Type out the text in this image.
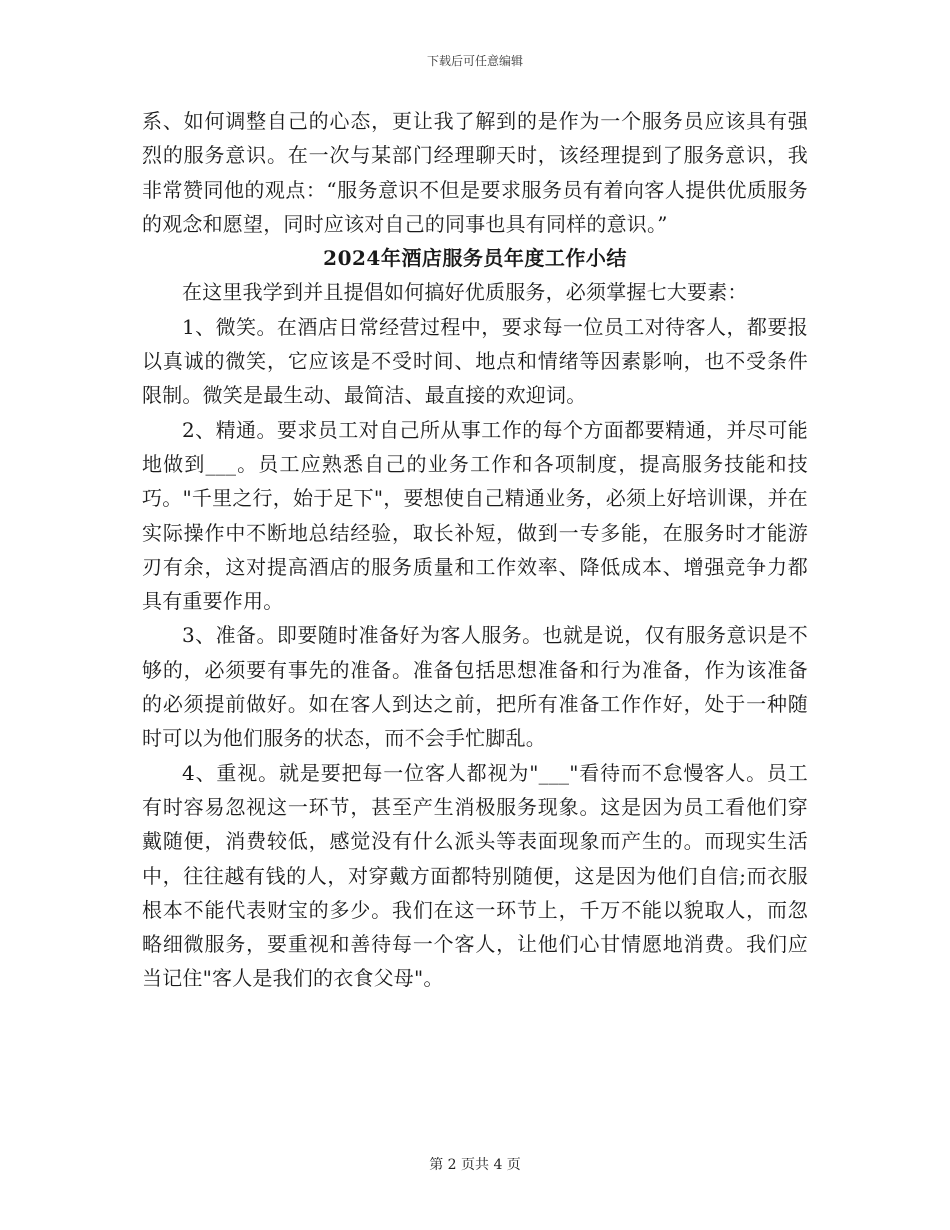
下载后可任意编辑

系、如何调整自己的心态，更让我了解到的是作为一个服务员应该具有强烈的服务意识。在一次与某部门经理聊天时，该经理提到了服务意识，我非常赞同他的观点：“服务意识不但是要求服务员有着向客人提供优质服务的观念和愿望，同时应该对自己的同事也具有同样的意识。”

2024年酒店服务员年度工作小结

在这里我学到并且提倡如何搞好优质服务，必须掌握七大要素：

1、微笑。在酒店日常经营过程中，要求每一位员工对待客人，都要报以真诚的微笑，它应该是不受时间、地点和情绪等因素影响，也不受条件限制。微笑是最生动、最简洁、最直接的欢迎词。

2、精通。要求员工对自己所从事工作的每个方面都要精通，并尽可能地做到___。员工应熟悉自己的业务工作和各项制度，提高服务技能和技巧。"千里之行，始于足下"，要想使自己精通业务，必须上好培训课，并在实际操作中不断地总结经验，取长补短，做到一专多能，在服务时才能游刃有余，这对提高酒店的服务质量和工作效率、降低成本、增强竞争力都具有重要作用。

3、准备。即要随时准备好为客人服务。也就是说，仅有服务意识是不够的，必须要有事先的准备。准备包括思想准备和行为准备，作为该准备的必须提前做好。如在客人到达之前，把所有准备工作作好，处于一种随时可以为他们服务的状态，而不会手忙脚乱。

4、重视。就是要把每一位客人都视为"___"看待而不怠慢客人。员工有时容易忽视这一环节，甚至产生消极服务现象。这是因为员工看他们穿戴随便，消费较低，感觉没有什么派头等表面现象而产生的。而现实生活中，往往越有钱的人，对穿戴方面都特别随便，这是因为他们自信;而衣服根本不能代表财宝的多少。我们在这一环节上，千万不能以貌取人，而忽略细微服务，要重视和善待每一个客人，让他们心甘情愿地消费。我们应当记住"客人是我们的衣食父母"。

第 2 页共 4 页
